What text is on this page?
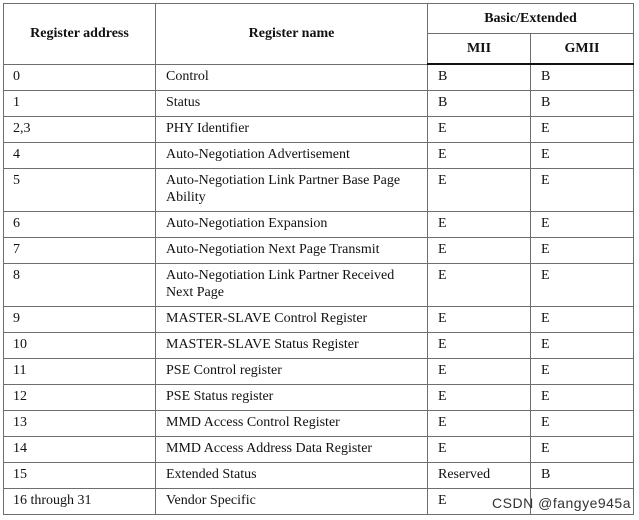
Register address	Register name	Basic/Extended	
		MII	GMII
0	Control	B	B
1	Status	B	B
2,3	PHY Identifier	E	E
4	Auto-Negotiation Advertisement	E	E
5	Auto-Negotiation Link Partner Base Page Ability	E	E
6	Auto-Negotiation Expansion	E	E
7	Auto-Negotiation Next Page Transmit	E	E
8	Auto-Negotiation Link Partner Received Next Page	E	E
9	MASTER-SLAVE Control Register	E	E
10	MASTER-SLAVE Status Register	E	E
11	PSE Control register	E	E
12	PSE Status register	E	E
13	MMD Access Control Register	E	E
14	MMD Access Address Data Register	E	E
15	Extended Status	Reserved	B
16 through 31	Vendor Specific	E		CSDN @fangye945a
